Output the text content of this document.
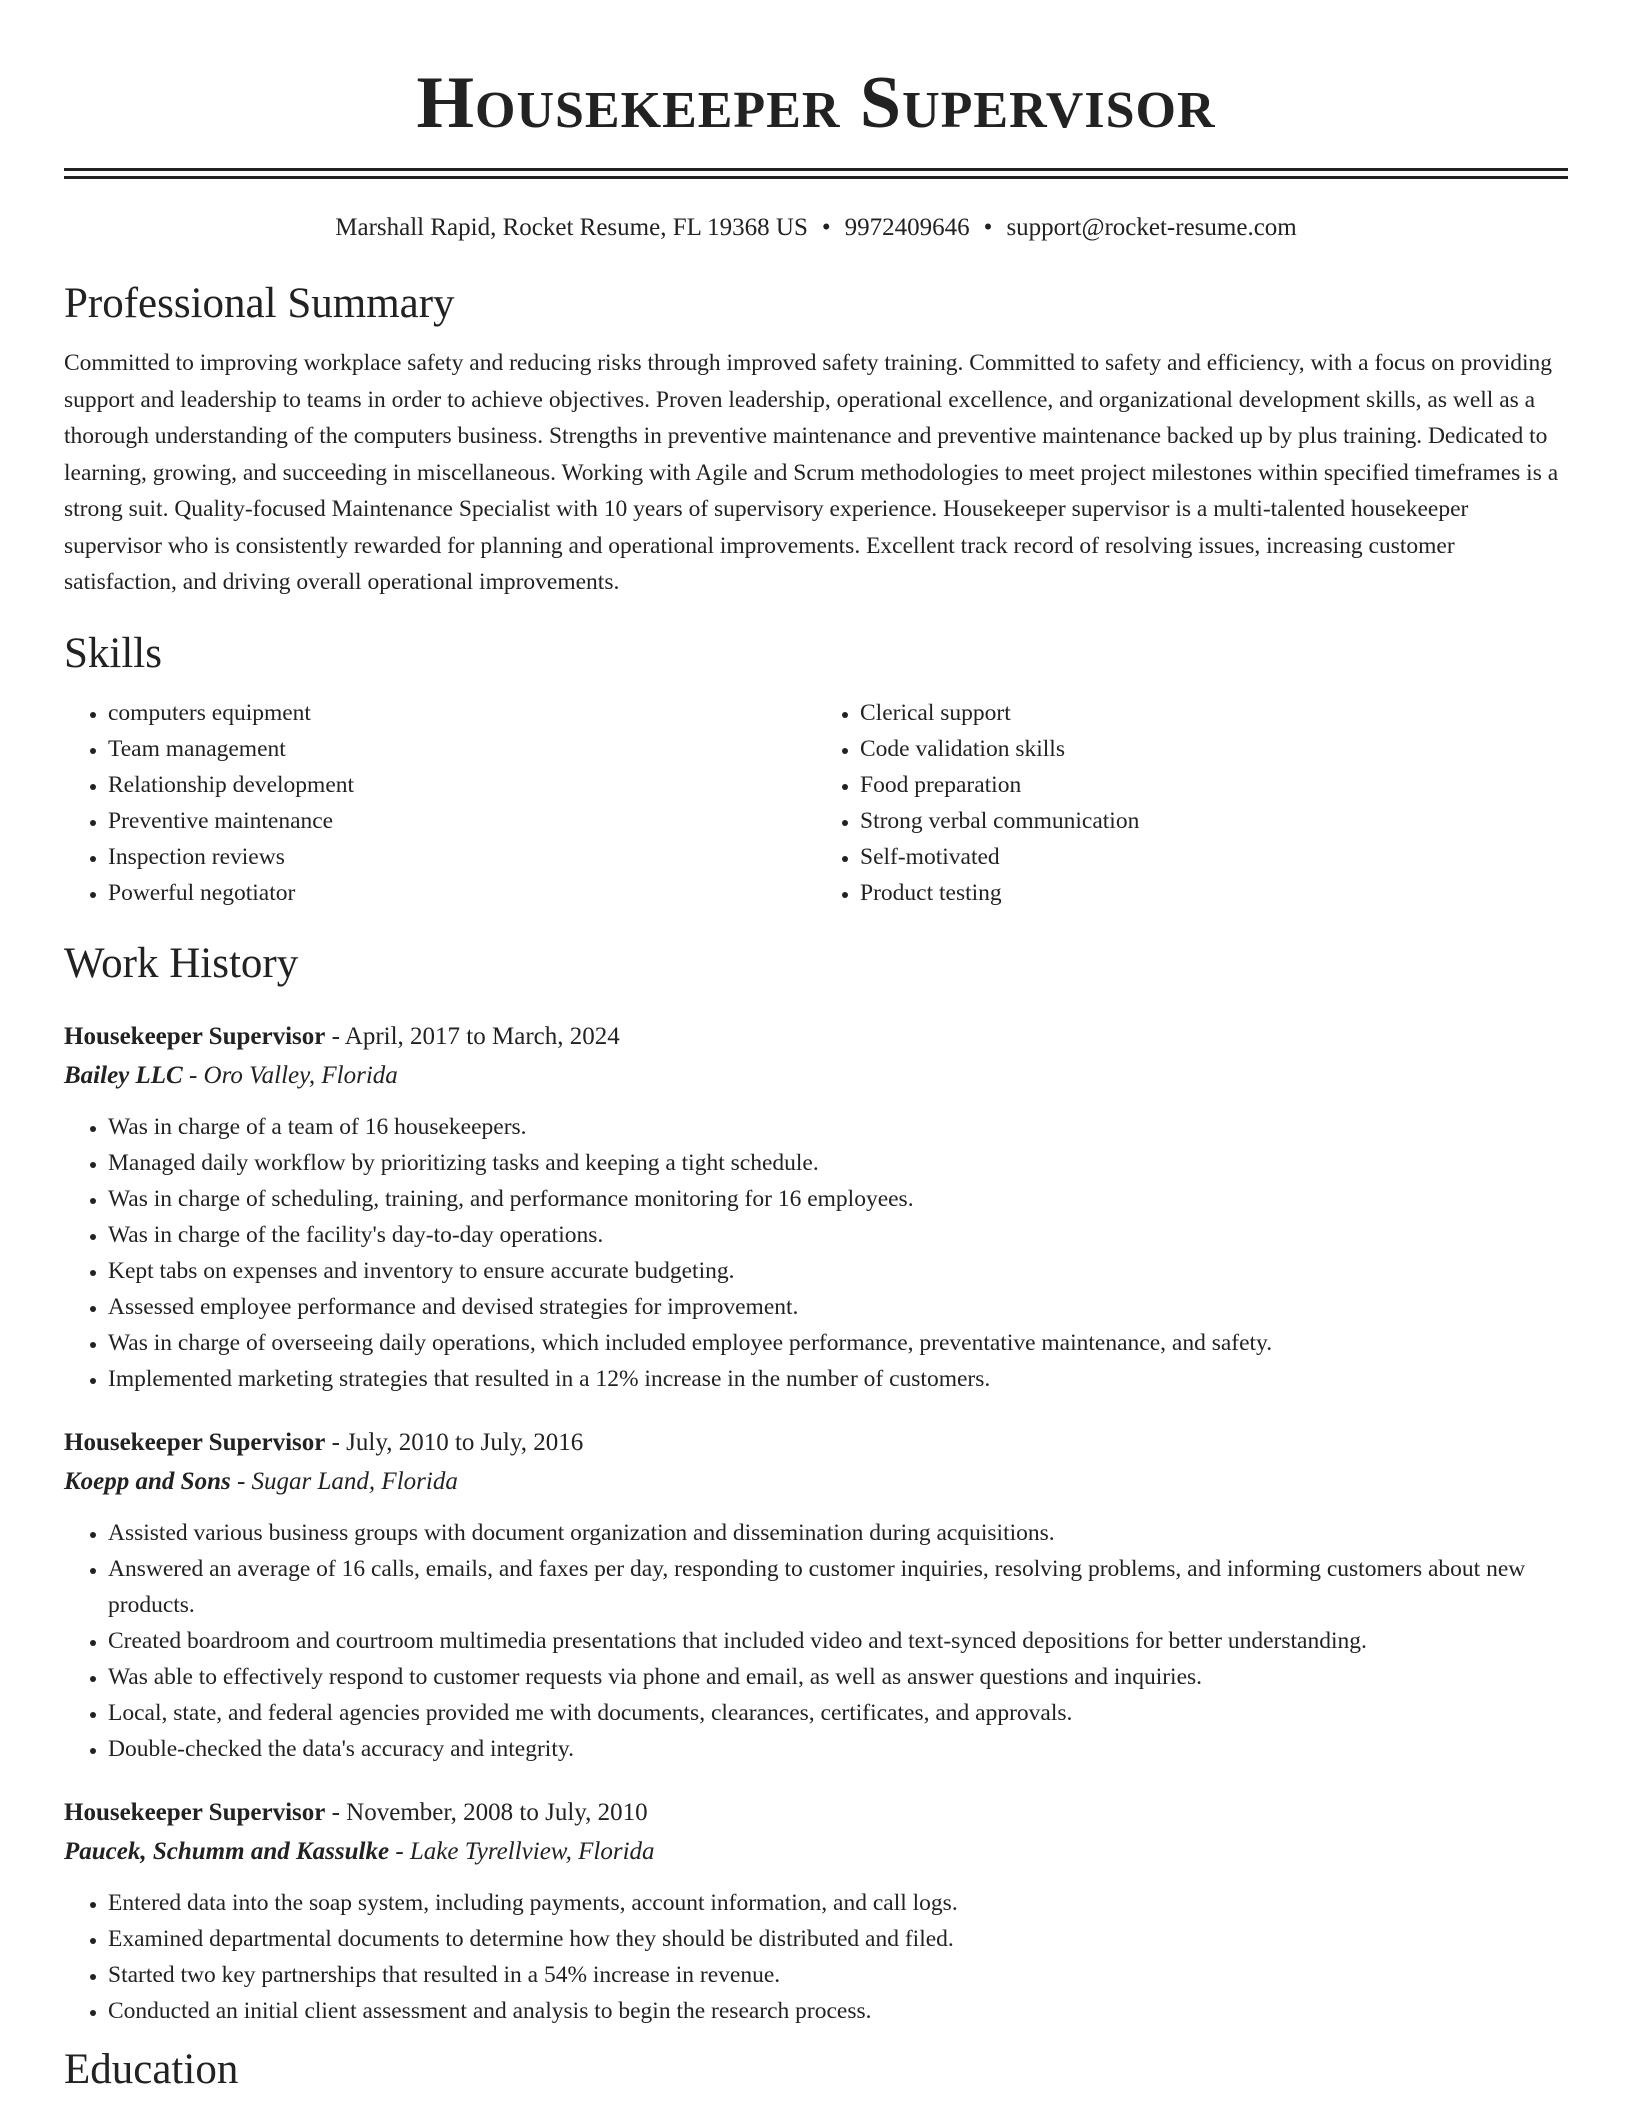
Housekeeper Supervisor
Marshall Rapid, Rocket Resume, FL 19368 US • 9972409646 • support@rocket-resume.com
Professional Summary

Committed to improving workplace safety and reducing risks through improved safety training. Committed to safety and efficiency, with a focus on providing support and leadership to teams in order to achieve objectives. Proven leadership, operational excellence, and organizational development skills, as well as a thorough understanding of the computers business. Strengths in preventive maintenance and preventive maintenance backed up by plus training. Dedicated to learning, growing, and succeeding in miscellaneous. Working with Agile and Scrum methodologies to meet project milestones within specified timeframes is a strong suit. Quality-focused Maintenance Specialist with 10 years of supervisory experience. Housekeeper supervisor is a multi-talented housekeeper supervisor who is consistently rewarded for planning and operational improvements. Excellent track record of resolving issues, increasing customer satisfaction, and driving overall operational improvements.

Skills
• computers equipment
• Team management
• Relationship development
• Preventive maintenance
• Inspection reviews
• Powerful negotiator
• Clerical support
• Code validation skills
• Food preparation
• Strong verbal communication
• Self-motivated
• Product testing
Work History
Housekeeper Supervisor - April, 2017 to March, 2024
Bailey LLC - Oro Valley, Florida
• Was in charge of a team of 16 housekeepers.
• Managed daily workflow by prioritizing tasks and keeping a tight schedule.
• Was in charge of scheduling, training, and performance monitoring for 16 employees.
• Was in charge of the facility's day-to-day operations.
• Kept tabs on expenses and inventory to ensure accurate budgeting.
• Assessed employee performance and devised strategies for improvement.
• Was in charge of overseeing daily operations, which included employee performance, preventative maintenance, and safety.
• Implemented marketing strategies that resulted in a 12% increase in the number of customers.
Housekeeper Supervisor - July, 2010 to July, 2016
Koepp and Sons - Sugar Land, Florida
• Assisted various business groups with document organization and dissemination during acquisitions.
• Answered an average of 16 calls, emails, and faxes per day, responding to customer inquiries, resolving problems, and informing customers about new products.
• Created boardroom and courtroom multimedia presentations that included video and text-synced depositions for better understanding.
• Was able to effectively respond to customer requests via phone and email, as well as answer questions and inquiries.
• Local, state, and federal agencies provided me with documents, clearances, certificates, and approvals.
• Double-checked the data's accuracy and integrity.
Housekeeper Supervisor - November, 2008 to July, 2010
Paucek, Schumm and Kassulke - Lake Tyrellview, Florida
• Entered data into the soap system, including payments, account information, and call logs.
• Examined departmental documents to determine how they should be distributed and filed.
• Started two key partnerships that resulted in a 54% increase in revenue.
• Conducted an initial client assessment and analysis to begin the research process.
Education
